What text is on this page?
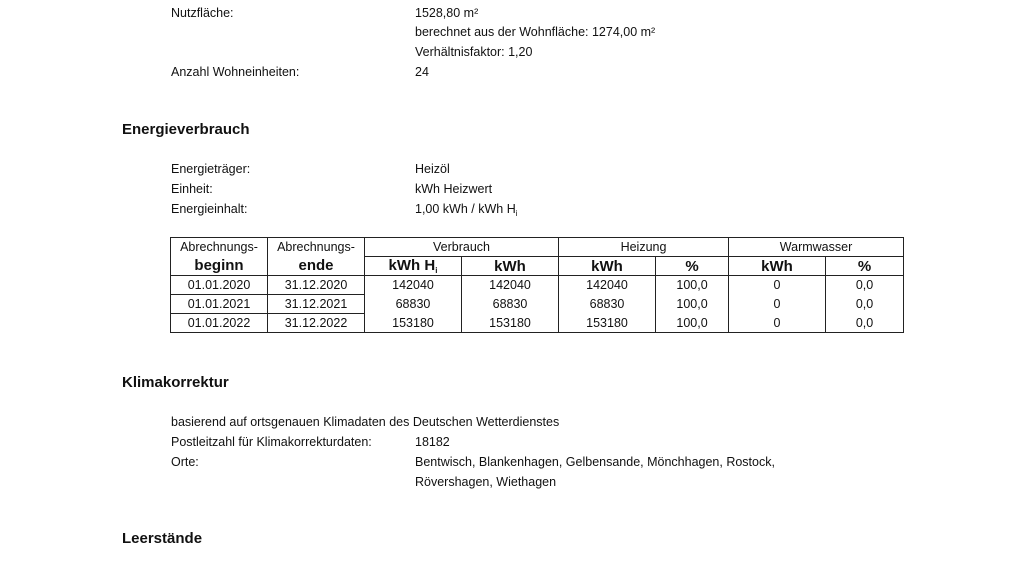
Nutzfläche:	1528,80 m²
berechnet aus der Wohnfläche: 1274,00 m²
Verhältnisfaktor: 1,20
Anzahl Wohneinheiten:	24
Energieverbrauch
Energieträger:	Heizöl
Einheit:	kWh Heizwert
Energieinhalt:	1,00 kWh / kWh $H_i$
Abrechnungs-	Abrechnungs-	Verbrauch		Heizung		Warmwasser	
beginn	ende	kWh $H_i$	kWh	kWh	%	kWh	%
01.01.2020	31.12.2020	142040	142040	142040	100,0	0	0,0
01.01.2021	31.12.2021	68830	68830	68830	100,0	0	0,0
01.01.2022	31.12.2022	153180	153180	153180	100,0	0	0,0
Klimakorrektur
basierend auf ortsgenauen Klimadaten des Deutschen Wetterdienstes
Postleitzahl für Klimakorrekturdaten:	18182
Orte:	Bentwisch, Blankenhagen, Gelbensande, Mönchhagen, Rostock,
Rövershagen, Wiethagen
Leerstände
